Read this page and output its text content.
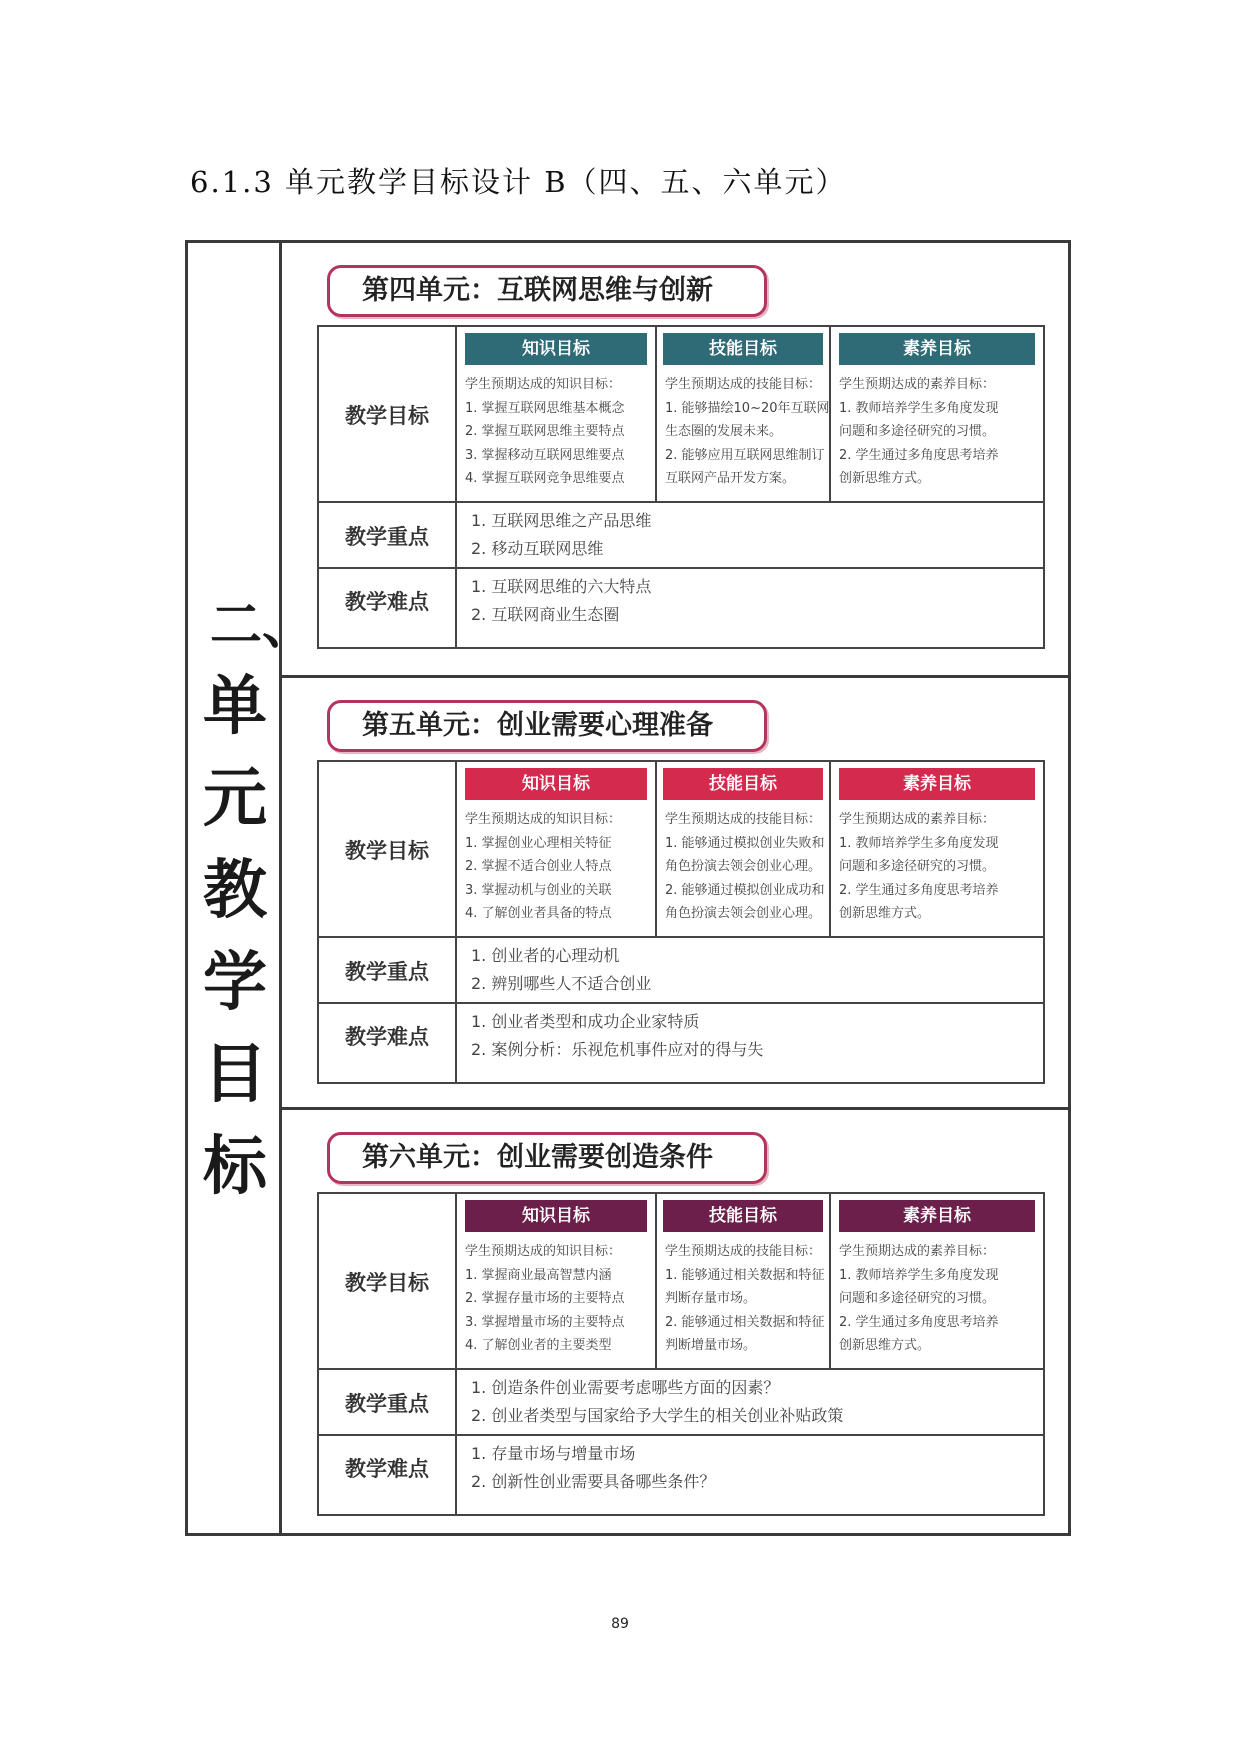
6.1.3 单元教学目标设计 B（四、五、六单元）
二、
单
元
教
学
目
标
第四单元：互联网思维与创新
教学目标
教学重点
教学难点
知识目标
学生预期达成的知识目标：
1. 掌握互联网思维基本概念
2. 掌握互联网思维主要特点
3. 掌握移动互联网思维要点
4. 掌握互联网竞争思维要点
技能目标
学生预期达成的技能目标：
1. 能够描绘10~20年互联网
生态圈的发展未来。
2. 能够应用互联网思维制订
互联网产品开发方案。
素养目标
学生预期达成的素养目标：
1. 教师培养学生多角度发现
问题和多途径研究的习惯。
2. 学生通过多角度思考培养
创新思维方式。
1. 互联网思维之产品思维
2. 移动互联网思维
1. 互联网思维的六大特点
2. 互联网商业生态圈
第五单元：创业需要心理准备
教学目标
教学重点
教学难点
知识目标
学生预期达成的知识目标：
1. 掌握创业心理相关特征
2. 掌握不适合创业人特点
3. 掌握动机与创业的关联
4. 了解创业者具备的特点
技能目标
学生预期达成的技能目标：
1. 能够通过模拟创业失败和
角色扮演去领会创业心理。
2. 能够通过模拟创业成功和
角色扮演去领会创业心理。
素养目标
学生预期达成的素养目标：
1. 教师培养学生多角度发现
问题和多途径研究的习惯。
2. 学生通过多角度思考培养
创新思维方式。
1. 创业者的心理动机
2. 辨别哪些人不适合创业
1. 创业者类型和成功企业家特质
2. 案例分析：乐视危机事件应对的得与失
第六单元：创业需要创造条件
教学目标
教学重点
教学难点
知识目标
学生预期达成的知识目标：
1. 掌握商业最高智慧内涵
2. 掌握存量市场的主要特点
3. 掌握增量市场的主要特点
4. 了解创业者的主要类型
技能目标
学生预期达成的技能目标：
1. 能够通过相关数据和特征
判断存量市场。
2. 能够通过相关数据和特征
判断增量市场。
素养目标
学生预期达成的素养目标：
1. 教师培养学生多角度发现
问题和多途径研究的习惯。
2. 学生通过多角度思考培养
创新思维方式。
1. 创造条件创业需要考虑哪些方面的因素？
2. 创业者类型与国家给予大学生的相关创业补贴政策
1. 存量市场与增量市场
2. 创新性创业需要具备哪些条件？
89
